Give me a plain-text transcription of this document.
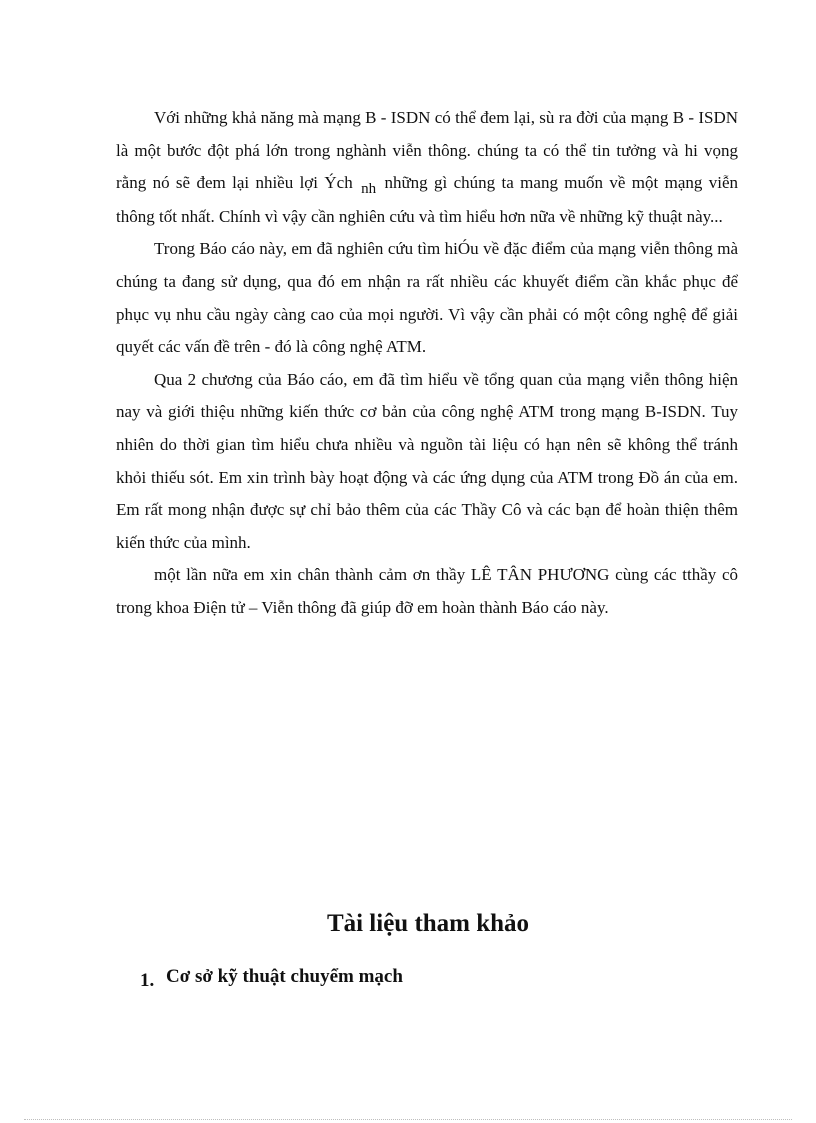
Với những khả năng mà mạng B - ISDN có thể đem lại, sù ra đời của mạng B - ISDN là một bước đột phá lớn trong nghành viễn thông. chúng ta có thể tin tưởng và hi vọng rằng nó sẽ đem lại nhiều lợi Ých nh những gì chúng ta mang muốn về một mạng viễn thông tốt nhất. Chính vì vậy cần nghiên cứu và tìm hiểu hơn nữa về những kỹ thuật này...

Trong Báo cáo này, em đã nghiên cứu tìm hiÓu về đặc điểm của mạng viễn thông mà chúng ta đang sử dụng, qua đó em nhận ra rất nhiều các khuyết điểm cần khắc phục để phục vụ nhu cầu ngày càng cao của mọi người. Vì vậy cần phải có một công nghệ để giải quyết các vấn đề trên - đó là công nghệ ATM.

Qua 2 chương của Báo cáo, em đã tìm hiểu về tổng quan của mạng viễn thông hiện nay và giới thiệu những kiến thức cơ bản của công nghệ ATM trong mạng B-ISDN. Tuy nhiên do thời gian tìm hiểu chưa nhiều và nguồn tài liệu có hạn nên sẽ không thể tránh khỏi thiếu sót. Em xin trình bày hoạt động và các ứng dụng của ATM trong Đồ án của em. Em rất mong nhận được sự chỉ bảo thêm của các Thầy Cô và các bạn để hoàn thiện thêm kiến thức của mình.

một lần nữa em xin chân thành cảm ơn thầy LÊ TÂN PHƯƠNG cùng các tthầy cô trong khoa Điện tử – Viễn thông đã giúp đỡ em hoàn thành Báo cáo này.

Tài liệu tham khảo
1. Cơ sở kỹ thuật chuyểm mạch
